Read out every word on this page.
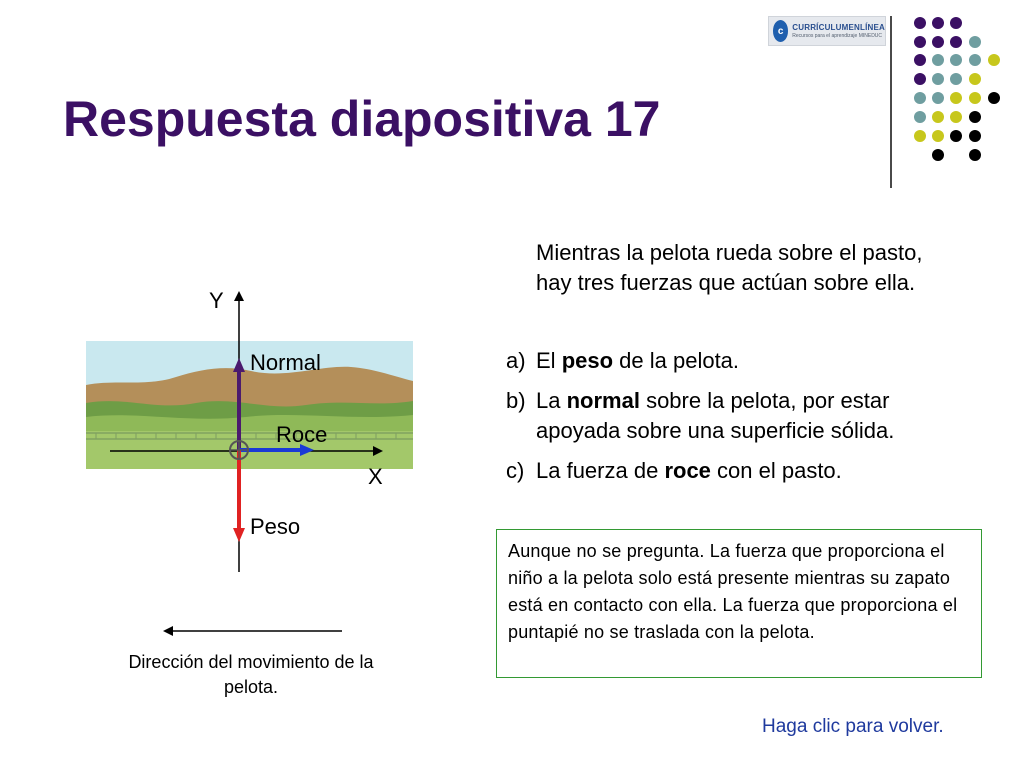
c	CURRÍCULUMENLÍNEA
Recursos para el aprendizaje MINEDUC
Respuesta diapositiva 17
Y
X
Normal
Roce
Peso
Dirección del movimiento de la pelota.
Mientras la pelota rueda sobre el pasto, hay tres fuerzas que actúan sobre ella.
a) El peso de la pelota.
b) La normal sobre la pelota, por estar apoyada sobre una superficie sólida.
c) La fuerza de roce con el pasto.
Aunque no se pregunta. La fuerza que proporciona el niño a la pelota solo está presente mientras su zapato está en contacto con ella. La fuerza que proporciona el puntapié no se traslada con la pelota.
Haga clic para volver.
